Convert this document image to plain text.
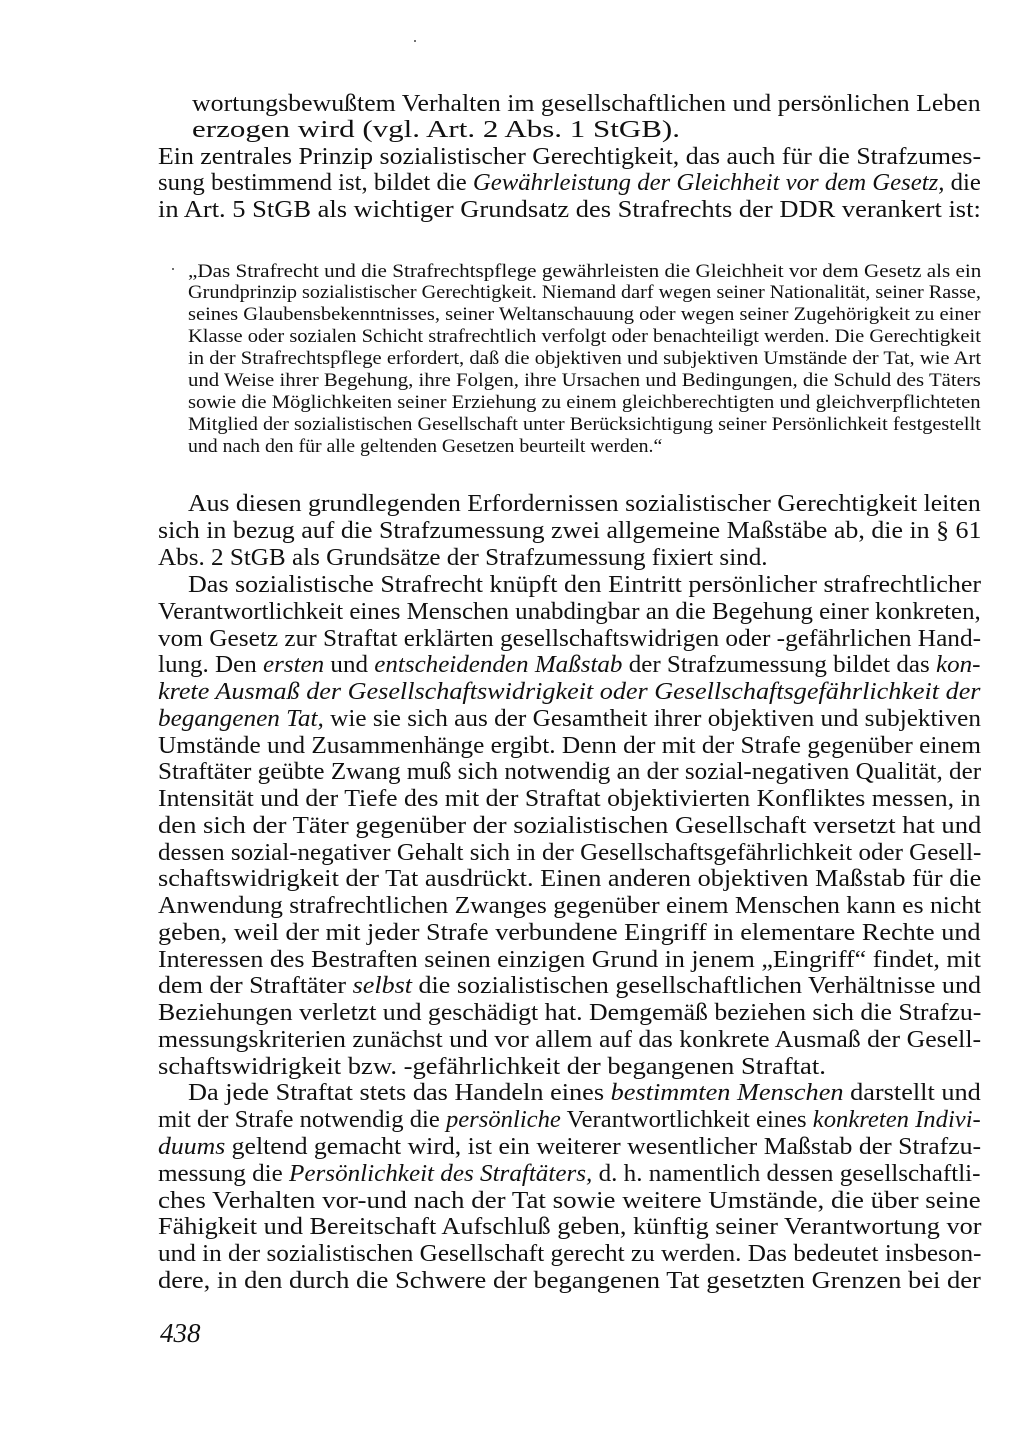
wortungsbewußtem Verhalten im gesellschaftlichen und persönlichen Leben
erzogen wird (vgl. Art. 2 Abs. 1 StGB).
Ein zentrales Prinzip sozialistischer Gerechtigkeit, das auch für die Strafzumes-
sung bestimmend ist, bildet die Gewährleistung der Gleichheit vor dem Gesetz, die
in Art. 5 StGB als wichtiger Grundsatz des Strafrechts der DDR verankert ist:
„Das Strafrecht und die Strafrechtspflege gewährleisten die Gleichheit vor dem Gesetz als ein
Grundprinzip sozialistischer Gerechtigkeit. Niemand darf wegen seiner Nationalität, seiner Rasse,
seines Glaubensbekenntnisses, seiner Weltanschauung oder wegen seiner Zugehörigkeit zu einer
Klasse oder sozialen Schicht strafrechtlich verfolgt oder benachteiligt werden. Die Gerechtigkeit
in der Strafrechtspflege erfordert, daß die objektiven und subjektiven Umstände der Tat, wie Art
und Weise ihrer Begehung, ihre Folgen, ihre Ursachen und Bedingungen, die Schuld des Täters
sowie die Möglichkeiten seiner Erziehung zu einem gleichberechtigten und gleichverpflichteten
Mitglied der sozialistischen Gesellschaft unter Berücksichtigung seiner Persönlichkeit festgestellt
und nach den für alle geltenden Gesetzen beurteilt werden.“
Aus diesen grundlegenden Erfordernissen sozialistischer Gerechtigkeit leiten
sich in bezug auf die Strafzumessung zwei allgemeine Maßstäbe ab, die in § 61
Abs. 2 StGB als Grundsätze der Strafzumessung fixiert sind.
Das sozialistische Strafrecht knüpft den Eintritt persönlicher strafrechtlicher
Verantwortlichkeit eines Menschen unabdingbar an die Begehung einer konkreten,
vom Gesetz zur Straftat erklärten gesellschaftswidrigen oder -gefährlichen Hand-
lung. Den ersten und entscheidenden Maßstab der Strafzumessung bildet das kon-
krete Ausmaß der Gesellschaftswidrigkeit oder Gesellschaftsgefährlichkeit der
begangenen Tat, wie sie sich aus der Gesamtheit ihrer objektiven und subjektiven
Umstände und Zusammenhänge ergibt. Denn der mit der Strafe gegenüber einem
Straftäter geübte Zwang muß sich notwendig an der sozial-negativen Qualität, der
Intensität und der Tiefe des mit der Straftat objektivierten Konfliktes messen, in
den sich der Täter gegenüber der sozialistischen Gesellschaft versetzt hat und
dessen sozial-negativer Gehalt sich in der Gesellschaftsgefährlichkeit oder Gesell-
schaftswidrigkeit der Tat ausdrückt. Einen anderen objektiven Maßstab für die
Anwendung strafrechtlichen Zwanges gegenüber einem Menschen kann es nicht
geben, weil der mit jeder Strafe verbundene Eingriff in elementare Rechte und
Interessen des Bestraften seinen einzigen Grund in jenem „Eingriff“ findet, mit
dem der Straftäter selbst die sozialistischen gesellschaftlichen Verhältnisse und
Beziehungen verletzt und geschädigt hat. Demgemäß beziehen sich die Strafzu-
messungskriterien zunächst und vor allem auf das konkrete Ausmaß der Gesell-
schaftswidrigkeit bzw. -gefährlichkeit der begangenen Straftat.
Da jede Straftat stets das Handeln eines bestimmten Menschen darstellt und
mit der Strafe notwendig die persönliche Verantwortlichkeit eines konkreten Indivi-
duums geltend gemacht wird, ist ein weiterer wesentlicher Maßstab der Strafzu-
messung die Persönlichkeit des Straftäters, d. h. namentlich dessen gesellschaftli-
ches Verhalten vor-und nach der Tat sowie weitere Umstände, die über seine
Fähigkeit und Bereitschaft Aufschluß geben, künftig seiner Verantwortung vor
und in der sozialistischen Gesellschaft gerecht zu werden. Das bedeutet insbeson-
dere, in den durch die Schwere der begangenen Tat gesetzten Grenzen bei der
438
